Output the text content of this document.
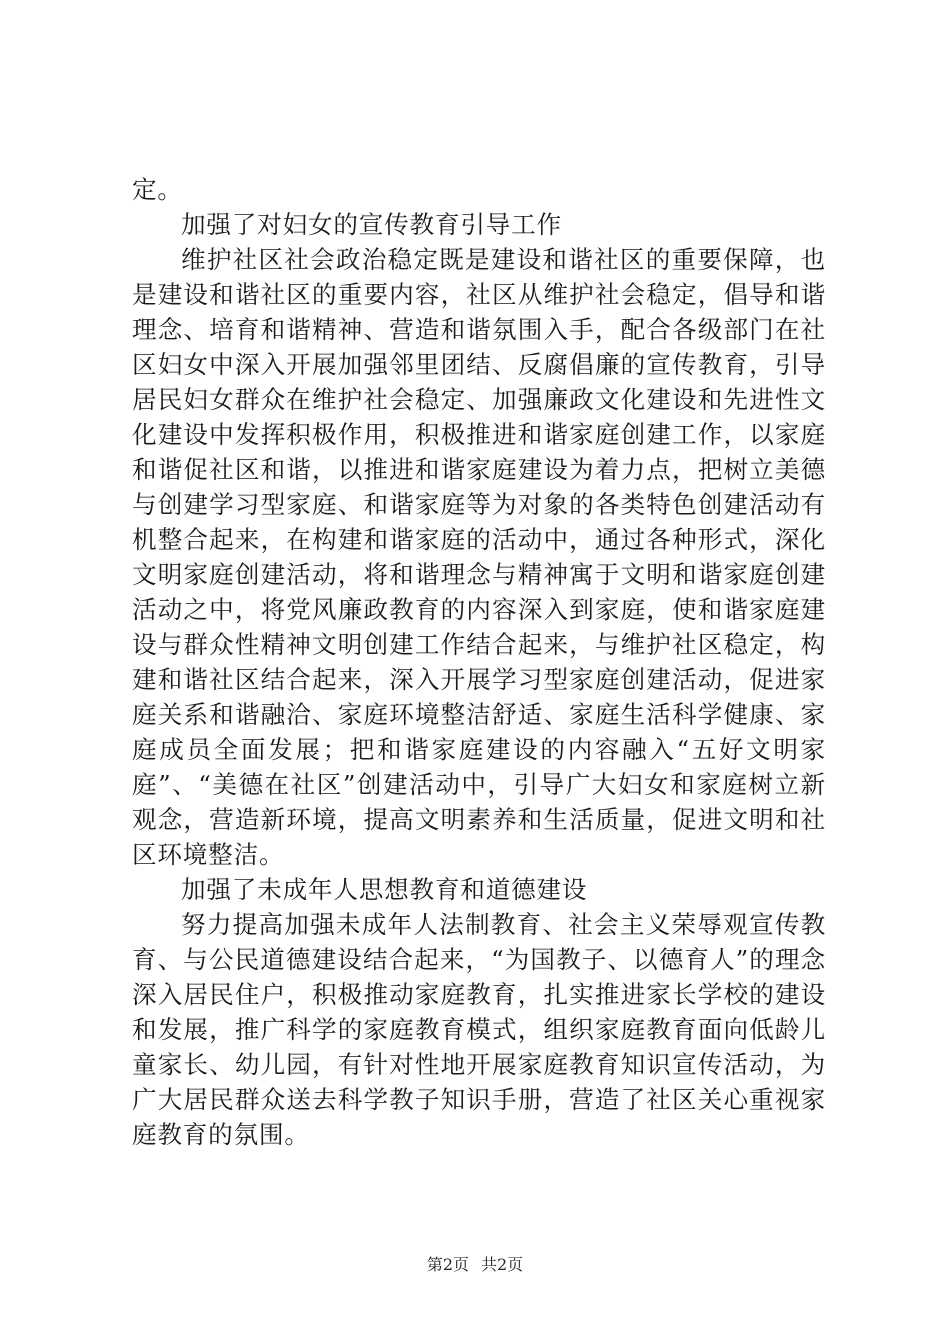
定。

加强了对妇女的宣传教育引导工作

维护社区社会政治稳定既是建设和谐社区的重要保障，也是建设和谐社区的重要内容，社区从维护社会稳定，倡导和谐理念、培育和谐精神、营造和谐氛围入手，配合各级部门在社区妇女中深入开展加强邻里团结、反腐倡廉的宣传教育，引导居民妇女群众在维护社会稳定、加强廉政文化建设和先进性文化建设中发挥积极作用，积极推进和谐家庭创建工作，以家庭和谐促社区和谐，以推进和谐家庭建设为着力点，把树立美德与创建学习型家庭、和谐家庭等为对象的各类特色创建活动有机整合起来，在构建和谐家庭的活动中，通过各种形式，深化文明家庭创建活动，将和谐理念与精神寓于文明和谐家庭创建活动之中，将党风廉政教育的内容深入到家庭，使和谐家庭建设与群众性精神文明创建工作结合起来，与维护社区稳定，构建和谐社区结合起来，深入开展学习型家庭创建活动，促进家庭关系和谐融洽、家庭环境整洁舒适、家庭生活科学健康、家庭成员全面发展；把和谐家庭建设的内容融入“五好文明家庭”、“美德在社区”创建活动中，引导广大妇女和家庭树立新观念，营造新环境，提高文明素养和生活质量，促进文明和社区环境整洁。

加强了未成年人思想教育和道德建设

努力提高加强未成年人法制教育、社会主义荣辱观宣传教育、与公民道德建设结合起来，“为国教子、以德育人”的理念深入居民住户，积极推动家庭教育，扎实推进家长学校的建设和发展，推广科学的家庭教育模式，组织家庭教育面向低龄儿童家长、幼儿园，有针对性地开展家庭教育知识宣传活动，为广大居民群众送去科学教子知识手册，营造了社区关心重视家庭教育的氛围。

第2页 共2页
